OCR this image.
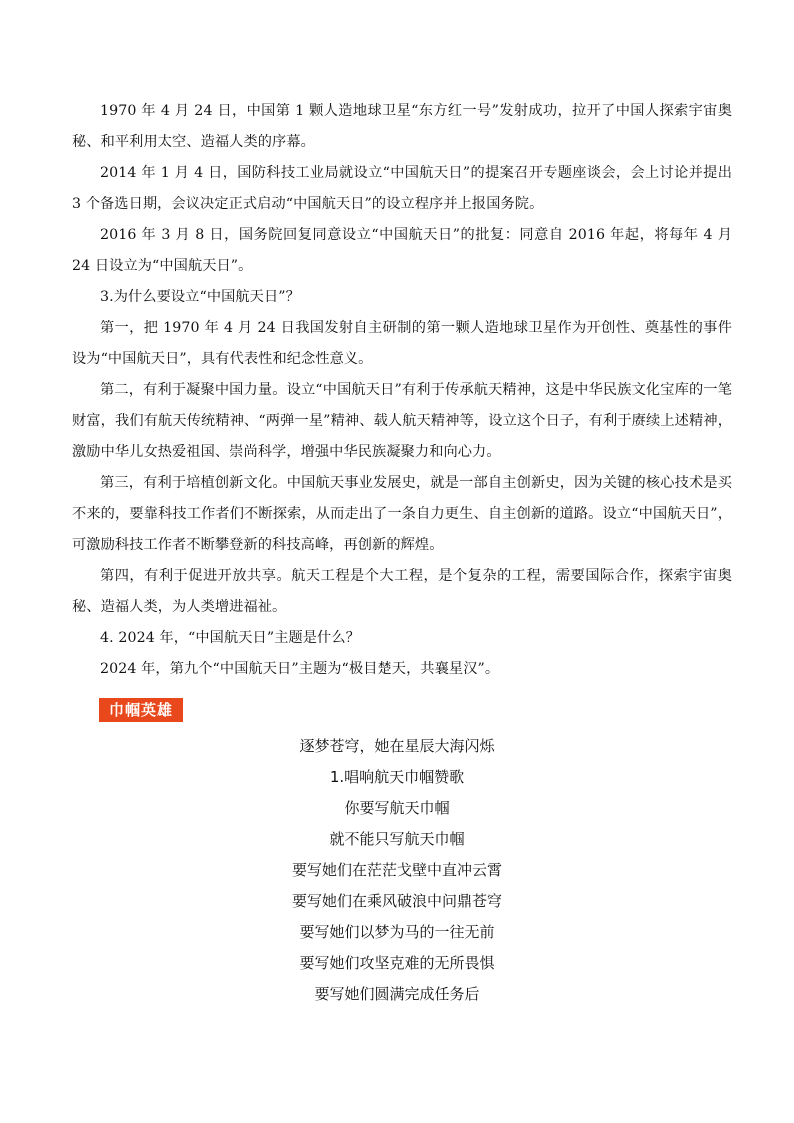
1970 年 4 月 24 日，中国第 1 颗人造地球卫星“东方红一号”发射成功，拉开了中国人探索宇宙奥秘、和平利用太空、造福人类的序幕。

2014 年 1 月 4 日，国防科技工业局就设立“中国航天日”的提案召开专题座谈会，会上讨论并提出 3 个备选日期，会议决定正式启动“中国航天日”的设立程序并上报国务院。

2016 年 3 月 8 日，国务院回复同意设立“中国航天日”的批复：同意自 2016 年起，将每年 4 月 24 日设立为“中国航天日”。

3.为什么要设立“中国航天日”？

第一，把 1970 年 4 月 24 日我国发射自主研制的第一颗人造地球卫星作为开创性、奠基性的事件设为“中国航天日”，具有代表性和纪念性意义。

第二，有利于凝聚中国力量。设立“中国航天日”有利于传承航天精神，这是中华民族文化宝库的一笔财富，我们有航天传统精神、“两弹一星”精神、载人航天精神等，设立这个日子，有利于赓续上述精神，激励中华儿女热爱祖国、崇尚科学，增强中华民族凝聚力和向心力。

第三，有利于培植创新文化。中国航天事业发展史，就是一部自主创新史，因为关键的核心技术是买不来的，要靠科技工作者们不断探索，从而走出了一条自力更生、自主创新的道路。设立“中国航天日”，可激励科技工作者不断攀登新的科技高峰，再创新的辉煌。

第四，有利于促进开放共享。航天工程是个大工程，是个复杂的工程，需要国际合作，探索宇宙奥秘、造福人类，为人类增进福祉。

4. 2024 年，“中国航天日”主题是什么？

2024 年，第九个“中国航天日”主题为“极目楚天，共襄星汉”。

巾帼英雄
逐梦苍穹，她在星辰大海闪烁
1.唱响航天巾帼赞歌
你要写航天巾帼
就不能只写航天巾帼
要写她们在茫茫戈壁中直冲云霄
要写她们在乘风破浪中问鼎苍穹
要写她们以梦为马的一往无前
要写她们攻坚克难的无所畏惧
要写她们圆满完成任务后
